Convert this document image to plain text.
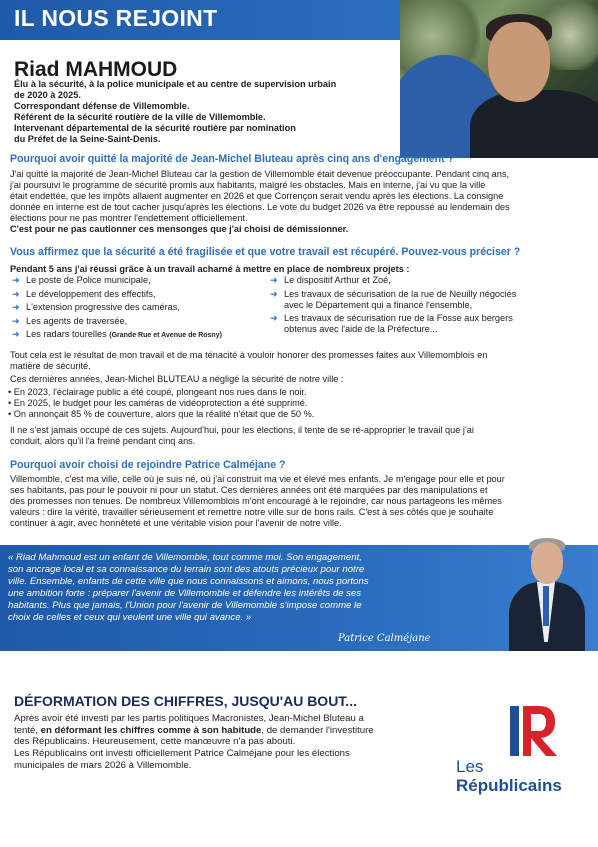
IL NOUS REJOINT
Riad MAHMOUD
Élu à la sécurité, à la police municipale et au centre de supervision urbain
de 2020 à 2025.
Correspondant défense de Villemomble.
Référent de la sécurité routière de la ville de Villemomble.
Intervenant départemental de la sécurité routière par nomination
du Préfet de la Seine-Saint-Denis.
Pourquoi avoir quitté la majorité de Jean-Michel Bluteau après cinq ans d'engagement ?
J'ai quitté la majorité de Jean-Michel Bluteau car la gestion de Villemomble était devenue préoccupante. Pendant cinq ans,
j'ai poursuivi le programme de sécurité promis aux habitants, malgré les obstacles. Mais en interne, j'ai vu que la ville
était endettée, que les impôts allaient augmenter en 2026 et que Corrençon serait vendu après les élections. La consigne
donnée en interne est de tout cacher jusqu'après les élections. Le vote du budget 2026 va être repoussé au lendemain des
élections pour ne pas montrer l'endettement officiellement.
C'est pour ne pas cautionner ces mensonges que j'ai choisi de démissionner.
Vous affirmez que la sécurité a été fragilisée et que votre travail est récupéré. Pouvez-vous préciser ?
Pendant 5 ans j'ai réussi grâce à un travail acharné à mettre en place de nombreux projets :
➜ Le poste de Police municipale,
➜ Le développement des effectifs,
➜ L'extension progressive des caméras,
➜ Les agents de traversée,
➜ Les radars tourelles (Grande Rue et Avenue de Rosny)
➜ Le dispositif Arthur et Zoé,
➜ Les travaux de sécurisation de la rue de Neuilly négociés
avec le Département qui a financé l'ensemble,
➜ Les travaux de sécurisation rue de la Fosse aux bergers
obtenus avec l'aide de la Préfecture...
Tout cela est le résultat de mon travail et de ma ténacité à vouloir honorer des promesses faites aux Villemomblois en
matière de sécurité.
Ces dernières années, Jean-Michel BLUTEAU a négligé la sécurité de notre ville :
• En 2023, l'éclairage public a été coupé, plongeant nos rues dans le noir.
• En 2025, le budget pour les caméras de vidéoprotection a été supprimé.
• On annonçait 85 % de couverture, alors que la réalité n'était que de 50 %.
Il ne s'est jamais occupé de ces sujets. Aujourd'hui, pour les élections, il tente de se ré-approprier le travail que j'ai
conduit, alors qu'il l'a freiné pendant cinq ans.
Pourquoi avoir choisi de rejoindre Patrice Calméjane ?
Villemomble, c'est ma ville, celle où je suis né, où j'ai construit ma vie et élevé mes enfants. Je m'engage pour elle et pour
ses habitants, pas pour le pouvoir ni pour un statut. Ces dernières années ont été marquées par des manipulations et
des promesses non tenues. De nombreux Villemomblois m'ont encouragé à le rejoindre, car nous partageons les mêmes
valeurs : dire la vérité, travailler sérieusement et remettre notre ville sur de bons rails. C'est à ses côtés que je souhaite
continuer à agir, avec honnêteté et une véritable vision pour l'avenir de notre ville.
« Riad Mahmoud est un enfant de Villemomble, tout comme moi. Son engagement,
son ancrage local et sa connaissance du terrain sont des atouts précieux pour notre
ville. Ensemble, enfants de cette ville que nous connaissons et aimons, nous portons
une ambition forte : préparer l'avenir de Villemomble et défendre les intérêts de ses
habitants. Plus que jamais, l'Union pour l'avenir de Villemomble s'impose comme le
choix de celles et ceux qui veulent une ville qui avance. »
Patrice Calméjane
DÉFORMATION DES CHIFFRES, JUSQU'AU BOUT...
Après avoir été investi par les partis politiques Macronistes, Jean-Michel Bluteau a
tenté, en déformant les chiffres comme à son habitude, de demander l'investiture
des Républicains. Heureusement, cette manœuvre n'a pas abouti.
Les Républicains ont investi officiellement Patrice Calméjane pour les élections
municipales de mars 2026 à Villemomble.	Les
Républicains
